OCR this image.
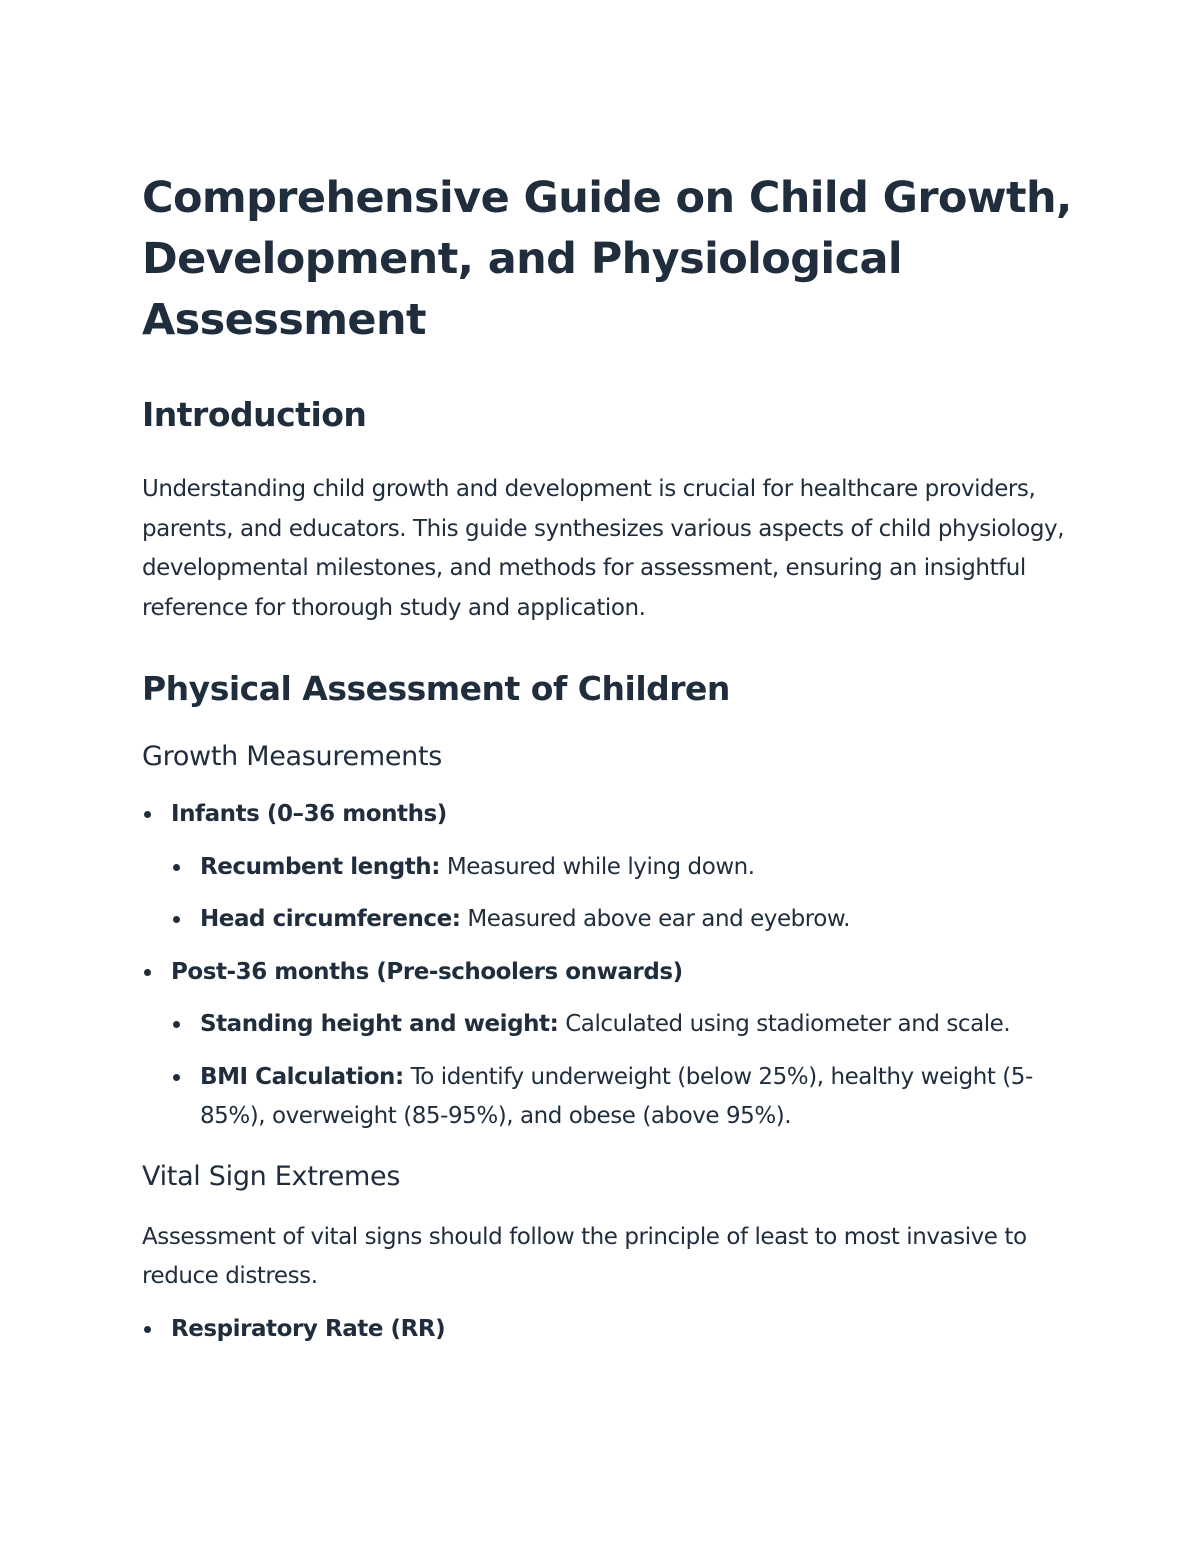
Comprehensive Guide on Child Growth, Development, and Physiological Assessment
Introduction

Understanding child growth and development is crucial for healthcare providers, parents, and educators. This guide synthesizes various aspects of child physiology, developmental milestones, and methods for assessment, ensuring an insightful reference for thorough study and application.

Physical Assessment of Children
Growth Measurements
Infants (0–36 months)
Recumbent length: Measured while lying down.
Head circumference: Measured above ear and eyebrow.
Post-36 months (Pre-schoolers onwards)
Standing height and weight: Calculated using stadiometer and scale.
BMI Calculation: To identify underweight (below 25%), healthy weight (5-85%), overweight (85-95%), and obese (above 95%).
Vital Sign Extremes

Assessment of vital signs should follow the principle of least to most invasive to reduce distress.

Respiratory Rate (RR)
